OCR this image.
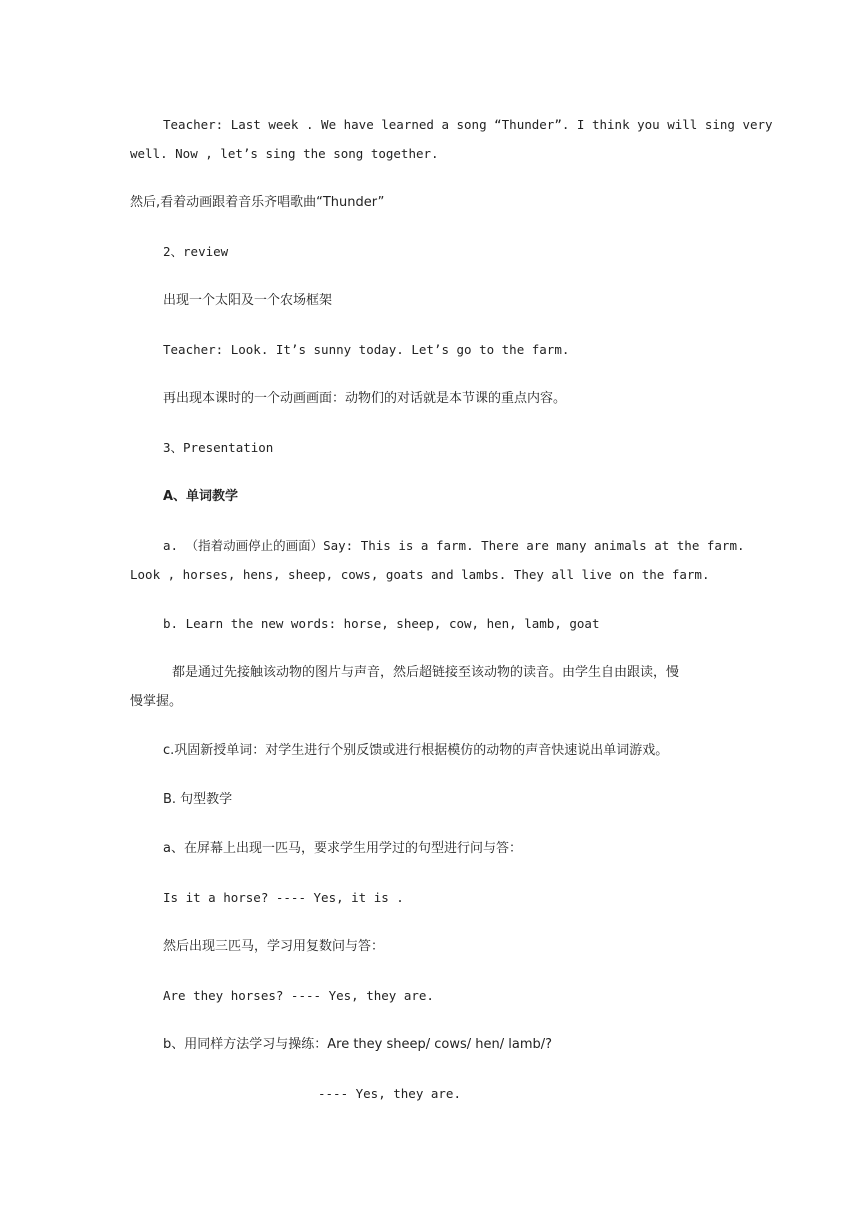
Teacher: Last week . We have learned a song “Thunder”. I think you will sing very
well. Now , let’s sing the song together.
然后,看着动画跟着音乐齐唱歌曲“Thunder”
2、review
出现一个太阳及一个农场框架
Teacher: Look. It’s sunny today. Let’s go to the farm.
再出现本课时的一个动画画面：动物们的对话就是本节课的重点内容。
3、Presentation
A、单词教学
a. （指着动画停止的画面）Say: This is a farm. There are many animals at the farm.
Look , horses, hens, sheep, cows, goats and lambs. They all live on the farm.
b. Learn the new words: horse, sheep, cow, hen, lamb, goat
都是通过先接触该动物的图片与声音，然后超链接至该动物的读音。由学生自由跟读，慢
慢掌握。
c.巩固新授单词：对学生进行个别反馈或进行根据模仿的动物的声音快速说出单词游戏。
B. 句型教学
a、在屏幕上出现一匹马，要求学生用学过的句型进行问与答：
Is it a horse? ---- Yes, it is .
然后出现三匹马，学习用复数问与答：
Are they horses? ---- Yes, they are.
b、用同样方法学习与操练：Are they sheep/ cows/ hen/ lamb/?
---- Yes, they are.
